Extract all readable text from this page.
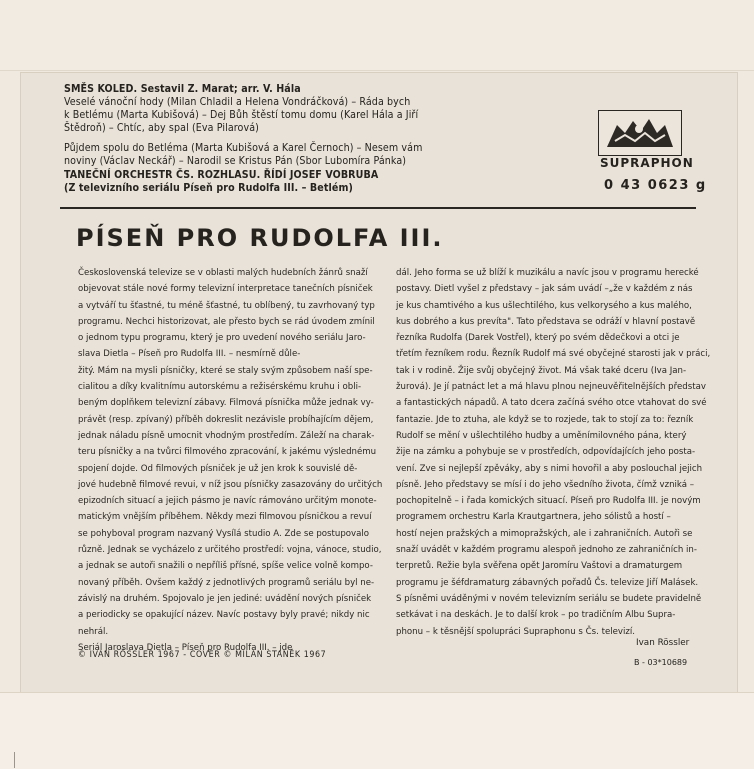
SMĚS KOLED. Sestavil Z. Marat; arr. V. Hála

Veselé vánoční hody (Milan Chladil a Helena Vondráčková) – Ráda bych

k Betlému (Marta Kubišová) – Dej Bůh štěstí tomu domu (Karel Hála a Jiří

Štědroň) – Chtíc, aby spal (Eva Pilarová)

Půjdem spolu do Betléma (Marta Kubišová a Karel Černoch) – Nesem vám

noviny (Václav Neckář) – Narodil se Kristus Pán (Sbor Lubomíra Pánka)

TANEČNÍ ORCHESTR ČS. ROZHLASU. ŘÍDÍ JOSEF VOBRUBA

(Z televizního seriálu Píseň pro Rudolfa III. – Betlém)

SUPRAPHON
0 43 0623 g
PÍSEŇ PRO RUDOLFA III.

Československá televize se v oblasti malých hudebních žánrů snaží

objevovat stále nové formy televizní interpretace tanečních písniček

a vytváří tu šťastné, tu méně šťastné, tu oblíbený, tu zavrhovaný typ

programu. Nechci historizovat, ale přesto bych se rád úvodem zmínil

o jednom typu programu, který je pro uvedení nového seriálu Jaro-

slava Dietla – Píseň pro Rudolfa III. – nesmírně důle-

žitý. Mám na mysli písničky, které se staly svým způsobem naší spe-

cialitou a díky kvalitnímu autorskému a režisérskému kruhu i obli-

beným doplňkem televizní zábavy. Filmová písnička může jednak vy-

právět (resp. zpívaný) příběh dokreslit nezávisle probíhajícím dějem,

jednak náladu písně umocnit vhodným prostředím. Záleží na charak-

teru písničky a na tvůrci filmového zpracování, k jakému výslednému

spojení dojde. Od filmových písniček je už jen krok k souvislé dě-

jové hudebně filmové revui, v níž jsou písničky zasazovány do určitých

epizodních situací a jejich pásmo je navíc rámováno určitým monote-

matickým vnějším příběhem. Někdy mezi filmovou písničkou a revuí

se pohyboval program nazvaný Vysílá studio A. Zde se postupovalo

různě. Jednak se vycházelo z určitého prostředí: vojna, vánoce, studio,

a jednak se autoři snažili o nepříliš přísné, spíše velice volně kompo-

novaný příběh. Ovšem každý z jednotlivých programů seriálu byl ne-

závislý na druhém. Spojovalo je jen jediné: uvádění nových písniček

a periodicky se opakující název. Navíc postavy byly pravé; nikdy nic

nehrál.

Seriál Jaroslava Dietla – Píseň pro Rudolfa III. – jde

dál. Jeho forma se už blíží k muzikálu a navíc jsou v programu herecké

postavy. Dietl vyšel z představy – jak sám uvádí –„že v každém z nás

je kus chamtivého a kus ušlechtilého, kus velkorysého a kus malého,

kus dobrého a kus prevíta". Tato představa se odráží v hlavní postavě

řezníka Rudolfa (Darek Vostřel), který po svém dědečkovi a otci je

třetím řezníkem rodu. Řezník Rudolf má své obyčejné starosti jak v práci,

tak i v rodině. Žije svůj obyčejný život. Má však také dceru (Iva Jan-

žurová). Je jí patnáct let a má hlavu plnou nejneuvěřitelnějších představ

a fantastických nápadů. A tato dcera začíná svého otce vtahovat do své

fantazie. Jde to ztuha, ale když se to rozjede, tak to stojí za to: řezník

Rudolf se mění v ušlechtilého hudby a uměnímilovného pána, který

žije na zámku a pohybuje se v prostředích, odpovídajících jeho posta-

vení. Zve si nejlepší zpěváky, aby s nimi hovořil a aby poslouchal jejich

písně. Jeho představy se mísí i do jeho všedního života, čímž vzniká –

pochopitelně – i řada komických situací. Píseň pro Rudolfa III. je novým

programem orchestru Karla Krautgartnera, jeho sólistů a hostí –

hostí nejen pražských a mimopražských, ale i zahraničních. Autoři se

snaží uvádět v každém programu alespoň jednoho ze zahraničních in-

terpretů. Režie byla svěřena opět Jaromíru Vaštovi a dramaturgem

programu je šéfdramaturg zábavných pořadů Čs. televize Jiří Malásek.

S písněmi uváděnými v novém televizním seriálu se budete pravidelně

setkávat i na deskách. Je to další krok – po tradičním Albu Supra-

phonu – k těsnější spolupráci Supraphonu s Čs. televizí.

Ivan Rössler
B - 03*10689
© IVAN RÖSSLER 1967 - COVER © MILAN STANĚK 1967
